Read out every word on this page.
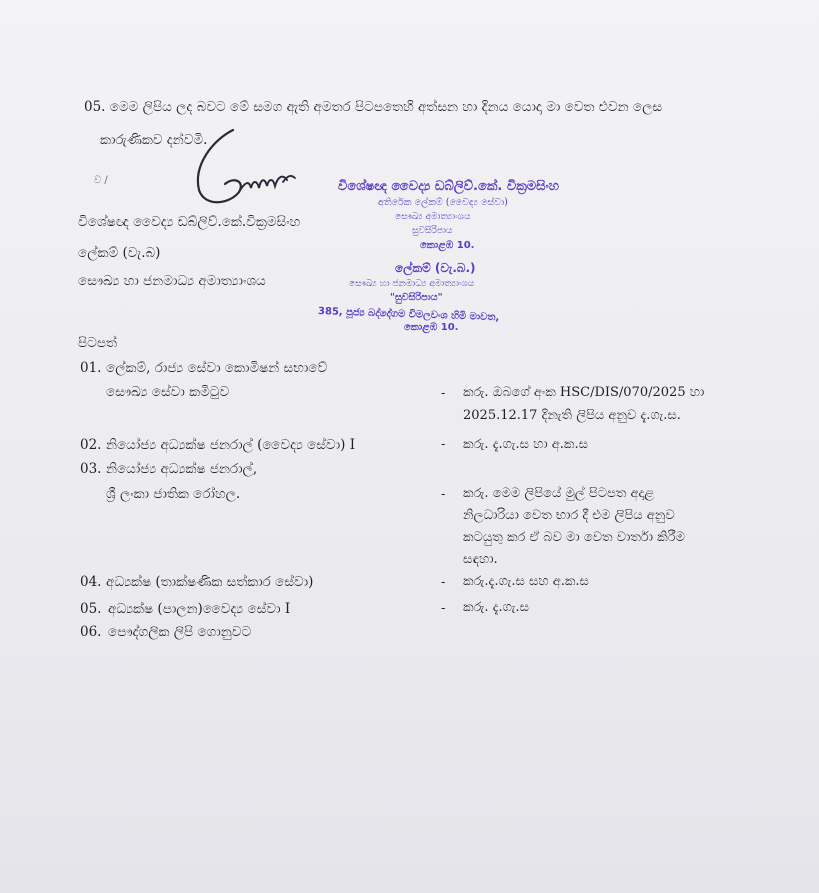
05. මෙම ලිපිය ලද බවට මේ සමග ඇති අමතර පිටපතෙහි අත්සන හා දිනය යොදා මා වෙත එවන ලෙස
කාරුණිකව දන්වමි.
ව /
විශේෂඥ වෛද්‍ය ඩබ්ලිව්.කේ.වික්‍රමසිංහ
ලේකම් (වැ.බ)
සෞඛ්‍ය හා ජනමාධ්‍ය අමාත්‍යාංශය
විශේෂඥ වෛද්‍ය ඩබ්ලිව්.කේ. වික්‍රමසිංහ
අතිරේක ලේකම් (වෛද්‍ය සේවා)
සෞඛ්‍ය අමාත්‍යාංශය
සුවසිරිපාය
කොළඹ 10.
ලේකම් (වැ.බ.)
සෞඛ්‍ය හා ජනමාධ්‍ය අමාත්‍යාංශය
"සුවසිරිපාය"
385, පූජ්‍ය බද්දේගම විමලවංශ හිමි මාවත,
කොළඹ 10.
පිටපත්
01. ලේකම්, රාජ්‍ය සේවා කොමිෂන් සභාවේ
සෞඛ්‍ය සේවා කමිටුව	- කරු. ඔබගේ අංක HSC/DIS/070/2025 හා
2025.12.17 දිනැති ලිපිය අනුව දැ.ගැ.ස.
02. නියෝජ්‍ය අධ්‍යක්ෂ ජනරාල් (වෛද්‍ය සේවා) I	- කරු. දැ.ගැ.ස හා අ.ක.ස
03. නියෝජ්‍ය අධ්‍යක්ෂ ජනරාල්,
ශ්‍රී ලංකා ජාතික රෝහල.	- කරු. මෙම ලිපියේ මුල් පිටපත අදාළ
නිලධාරියා වෙත භාර දී එම ලිපිය අනුව
කටයුතු කර ඒ බව මා වෙත වාර්තා කිරීම
සඳහා.
04. අධ්‍යක්ෂ (තාක්ෂණික සත්කාර සේවා)	- කරු.දැ.ගැ.ස සහ අ.ක.ස
05. අධ්‍යක්ෂ (පාලන)වෛද්‍ය සේවා I	- කරු. දැ.ගැ.ස
06. පෞද්ගලික ලිපි ගොනුවට
